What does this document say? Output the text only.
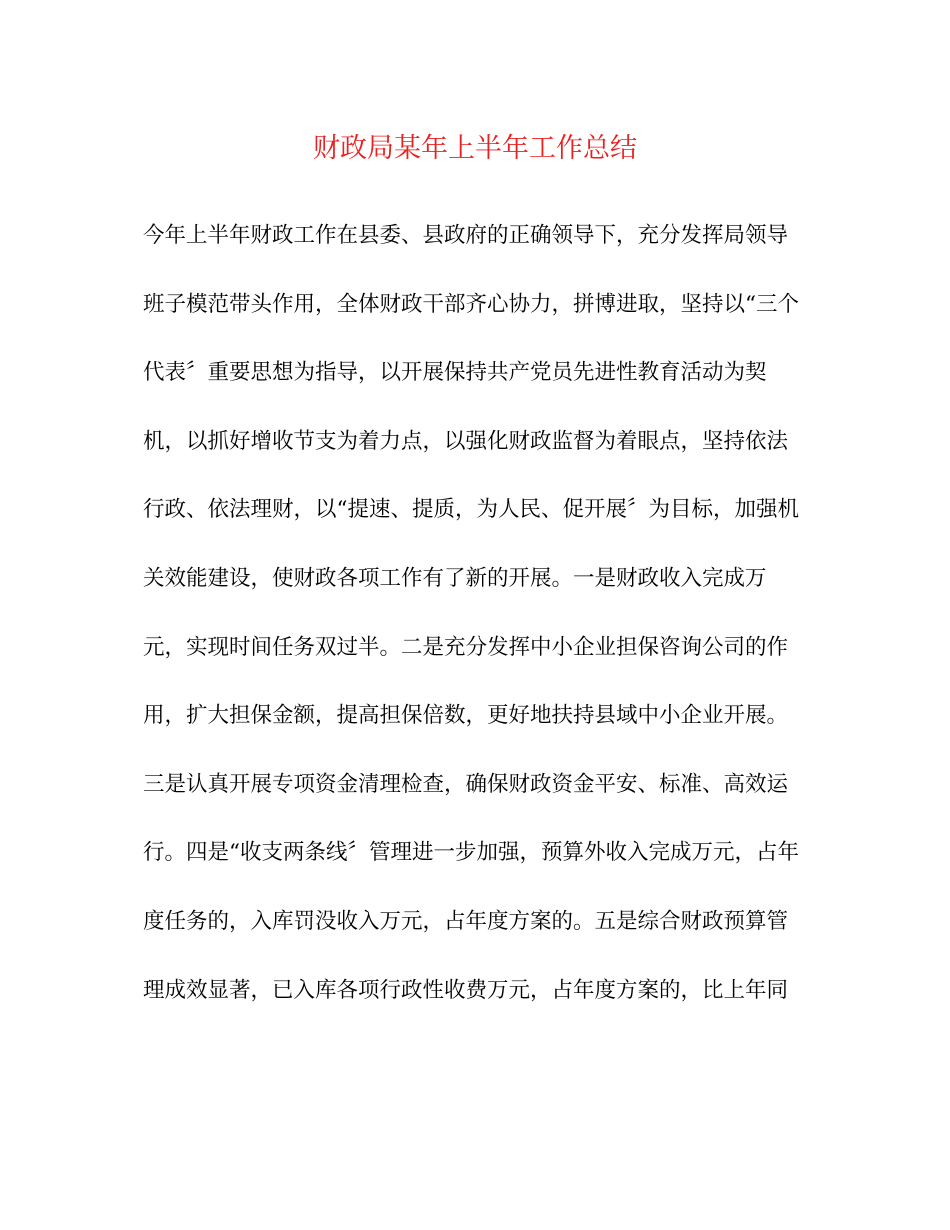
财政局某年上半年工作总结
今年上半年财政工作在县委、县政府的正确领导下，充分发挥局领导
班子模范带头作用，全体财政干部齐心协力，拼博进取，坚持以“三个
代表〞重要思想为指导，以开展保持共产党员先进性教育活动为契
机，以抓好增收节支为着力点，以强化财政监督为着眼点，坚持依法
行政、依法理财，以“提速、提质，为人民、促开展〞为目标，加强机
关效能建设，使财政各项工作有了新的开展。一是财政收入完成万
元，实现时间任务双过半。二是充分发挥中小企业担保咨询公司的作
用，扩大担保金额，提高担保倍数，更好地扶持县域中小企业开展。
三是认真开展专项资金清理检查，确保财政资金平安、标准、高效运
行。四是“收支两条线〞管理进一步加强，预算外收入完成万元，占年
度任务的，入库罚没收入万元，占年度方案的。五是综合财政预算管
理成效显著，已入库各项行政性收费万元，占年度方案的，比上年同
